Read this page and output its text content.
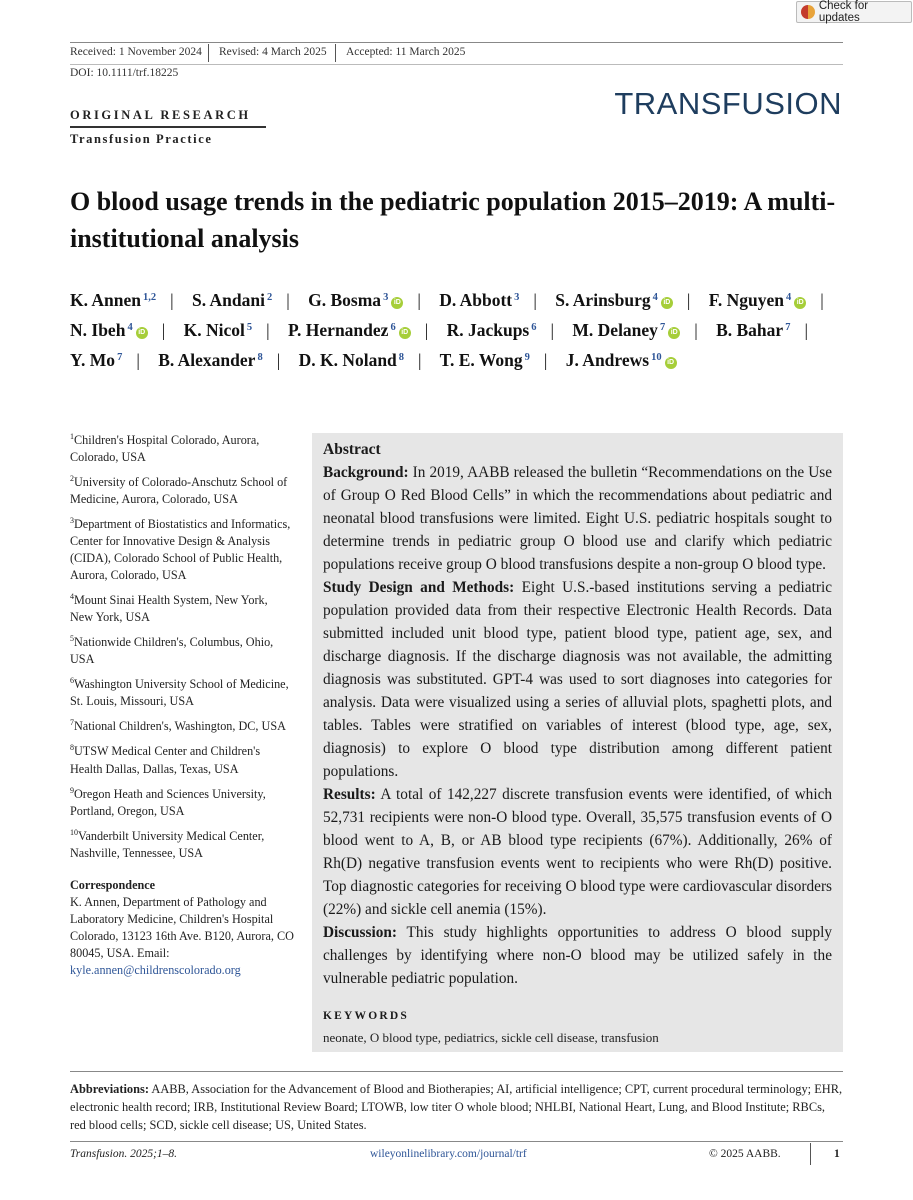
Check for updates
Received: 1 November 2024 Revised: 4 March 2025 Accepted: 11 March 2025
DOI: 10.1111/trf.18225
ORIGINAL RESEARCH
Transfusion Practice
TRANSFUSION
O blood usage trends in the pediatric population 2015–2019: A multi-institutional analysis
K. Annen $^{1,2}$ | S. Andani $^2$ | G. Bosma $^3$ iD | D. Abbott $^3$ | S. Arinsburg $^4$ iD | F. Nguyen $^4$ iD | N. Ibeh $^4$ iD | K. Nicol $^5$ | P. Hernandez $^6$ iD | R. Jackups $^6$ | M. Delaney $^7$ iD | B. Bahar $^7$ | Y. Mo $^7$ | B. Alexander $^8$ | D. K. Noland $^8$ | T. E. Wong $^9$ | J. Andrews $^{10}$ iD
$^1$Children's Hospital Colorado, Aurora, Colorado, USA
$^2$University of Colorado-Anschutz School of Medicine, Aurora, Colorado, USA
$^3$Department of Biostatistics and Informatics, Center for Innovative Design & Analysis (CIDA), Colorado School of Public Health, Aurora, Colorado, USA
$^4$Mount Sinai Health System, New York, New York, USA
$^5$Nationwide Children's, Columbus, Ohio, USA
$^6$Washington University School of Medicine, St. Louis, Missouri, USA
$^7$National Children's, Washington, DC, USA
$^8$UTSW Medical Center and Children's Health Dallas, Dallas, Texas, USA
$^9$Oregon Heath and Sciences University, Portland, Oregon, USA
$^{10}$Vanderbilt University Medical Center, Nashville, Tennessee, USA
Correspondence
K. Annen, Department of Pathology and Laboratory Medicine, Children's Hospital Colorado, 13123 16th Ave. B120, Aurora, CO 80045, USA. Email: kyle.annen@childrenscolorado.org
Abstract

Background: In 2019, AABB released the bulletin “Recommendations on the Use of Group O Red Blood Cells” in which the recommendations about pediatric and neonatal blood transfusions were limited. Eight U.S. pediatric hospitals sought to determine trends in pediatric group O blood use and clarify which pediatric populations receive group O blood transfusions despite a non-group O blood type.

Study Design and Methods: Eight U.S.-based institutions serving a pediatric population provided data from their respective Electronic Health Records. Data submitted included unit blood type, patient blood type, patient age, sex, and discharge diagnosis. If the discharge diagnosis was not available, the admitting diagnosis was substituted. GPT-4 was used to sort diagnoses into categories for analysis. Data were visualized using a series of alluvial plots, spaghetti plots, and tables. Tables were stratified on variables of interest (blood type, age, sex, diagnosis) to explore O blood type distribution among different patient populations.

Results: A total of 142,227 discrete transfusion events were identified, of which 52,731 recipients were non-O blood type. Overall, 35,575 transfusion events of O blood went to A, B, or AB blood type recipients (67%). Additionally, 26% of Rh(D) negative transfusion events went to recipients who were Rh(D) positive. Top diagnostic categories for receiving O blood type were cardiovascular disorders (22%) and sickle cell anemia (15%).

Discussion: This study highlights opportunities to address O blood supply challenges by identifying where non-O blood may be utilized safely in the vulnerable pediatric population.

KEYWORDS
neonate, O blood type, pediatrics, sickle cell disease, transfusion
Abbreviations: AABB, Association for the Advancement of Blood and Biotherapies; AI, artificial intelligence; CPT, current procedural terminology; EHR, electronic health record; IRB, Institutional Review Board; LTOWB, low titer O whole blood; NHLBI, National Heart, Lung, and Blood Institute; RBCs, red blood cells; SCD, sickle cell disease; US, United States.
Transfusion. 2025;1–8.	wileyonlinelibrary.com/journal/trf	© 2025 AABB.	1
